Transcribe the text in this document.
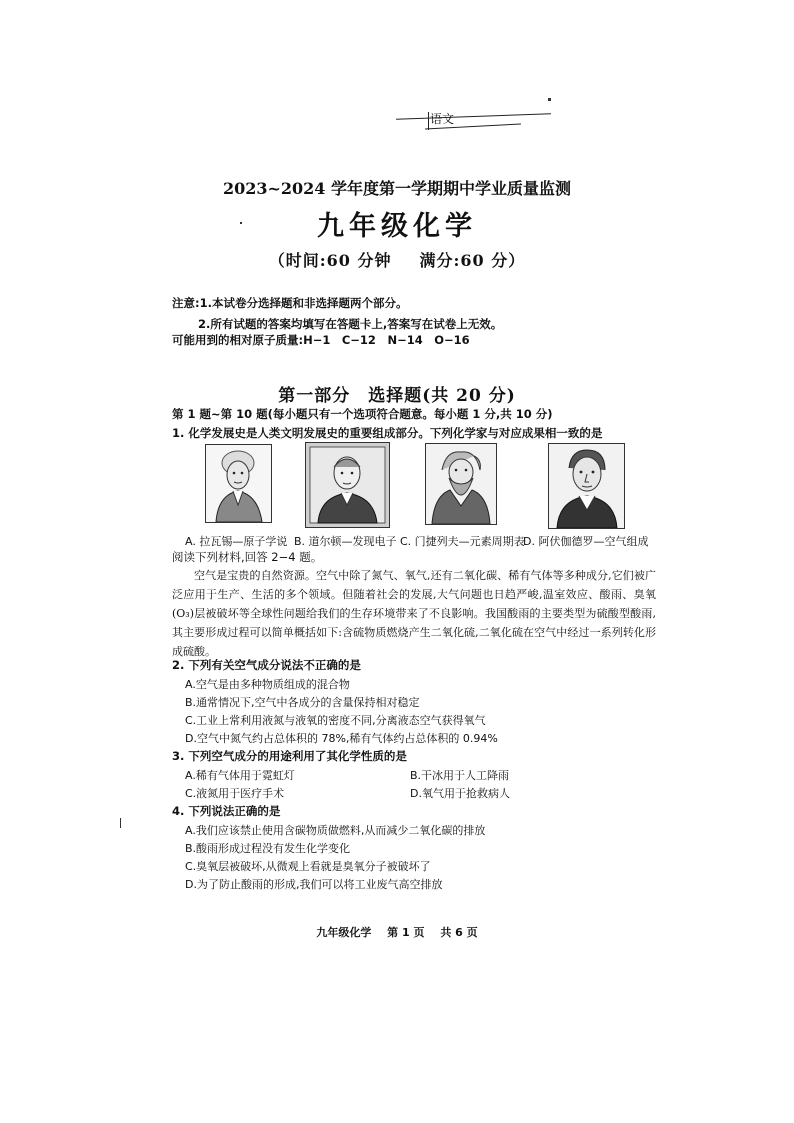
语文
2023~2024 学年度第一学期期中学业质量监测
九年级化学
（时间:60 分钟 满分:60 分）
注意:1.本试卷分选择题和非选择题两个部分。
2.所有试题的答案均填写在答题卡上,答案写在试卷上无效。
可能用到的相对原子质量:H−1　C−12　N−14　O−16
第一部分　选择题(共 20 分)
第 1 题~第 10 题(每小题只有一个选项符合题意。每小题 1 分,共 10 分)
1. 化学发展史是人类文明发展史的重要组成部分。下列化学家与对应成果相一致的是
A. 拉瓦锡—原子学说 B. 道尔顿—发现电子 C. 门捷列夫—元素周期表
D. 阿伏伽德罗—空气组成
阅读下列材料,回答 2−4 题。
空气是宝贵的自然资源。空气中除了氮气、氧气,还有二氧化碳、稀有气体等多种成分,它们被广泛应用于生产、生活的多个领域。但随着社会的发展,大气问题也日趋严峻,温室效应、酸雨、臭氧(O₃)层被破坏等全球性问题给我们的生存环境带来了不良影响。我国酸雨的主要类型为硫酸型酸雨,其主要形成过程可以简单概括如下:含硫物质燃烧产生二氧化硫,二氧化硫在空气中经过一系列转化形成硫酸。
2. 下列有关空气成分说法不正确的是
A.空气是由多种物质组成的混合物
B.通常情况下,空气中各成分的含量保持相对稳定
C.工业上常利用液氮与液氧的密度不同,分离液态空气获得氧气
D.空气中氮气约占总体积的 78%,稀有气体约占总体积的 0.94%
3. 下列空气成分的用途利用了其化学性质的是
A.稀有气体用于霓虹灯	B.干冰用于人工降雨
C.液氮用于医疗手术	D.氧气用于抢救病人
4. 下列说法正确的是
A.我们应该禁止使用含碳物质做燃料,从而减少二氧化碳的排放
B.酸雨形成过程没有发生化学变化
C.臭氧层被破坏,从微观上看就是臭氧分子被破坏了
D.为了防止酸雨的形成,我们可以将工业废气高空排放
九年级化学 第 1 页 共 6 页
